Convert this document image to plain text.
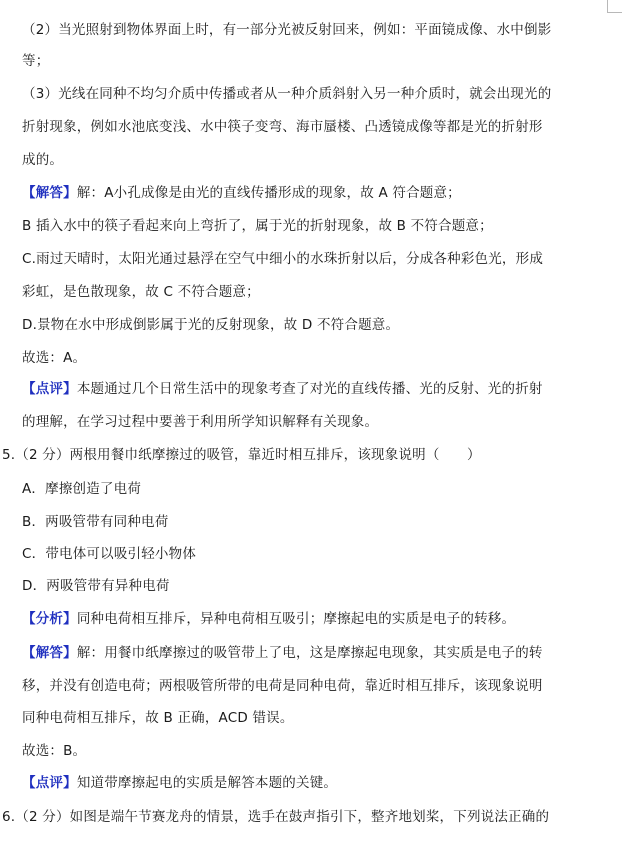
（2）当光照射到物体界面上时，有一部分光被反射回来，例如：平面镜成像、水中倒影
等；
（3）光线在同种不均匀介质中传播或者从一种介质斜射入另一种介质时，就会出现光的
折射现象，例如水池底变浅、水中筷子变弯、海市蜃楼、凸透镜成像等都是光的折射形
成的。
【解答】解：A小孔成像是由光的直线传播形成的现象，故 A 符合题意；
B 插入水中的筷子看起来向上弯折了，属于光的折射现象，故 B 不符合题意；
C.雨过天晴时，太阳光通过悬浮在空气中细小的水珠折射以后，分成各种彩色光，形成
彩虹，是色散现象，故 C 不符合题意；
D.景物在水中形成倒影属于光的反射现象，故 D 不符合题意。
故选：A。
【点评】本题通过几个日常生活中的现象考查了对光的直线传播、光的反射、光的折射
的理解，在学习过程中要善于利用所学知识解释有关现象。
5.（2 分）两根用餐巾纸摩擦过的吸管，靠近时相互排斥，该现象说明（　　）
A．摩擦创造了电荷
B．两吸管带有同种电荷
C．带电体可以吸引轻小物体
D．两吸管带有异种电荷
【分析】同种电荷相互排斥，异种电荷相互吸引；摩擦起电的实质是电子的转移。
【解答】解：用餐巾纸摩擦过的吸管带上了电，这是摩擦起电现象，其实质是电子的转
移，并没有创造电荷；两根吸管所带的电荷是同种电荷，靠近时相互排斥，该现象说明
同种电荷相互排斥，故 B 正确，ACD 错误。
故选：B。
【点评】知道带摩擦起电的实质是解答本题的关键。
6.（2 分）如图是端午节赛龙舟的情景，选手在鼓声指引下，整齐地划桨，下列说法正确的
